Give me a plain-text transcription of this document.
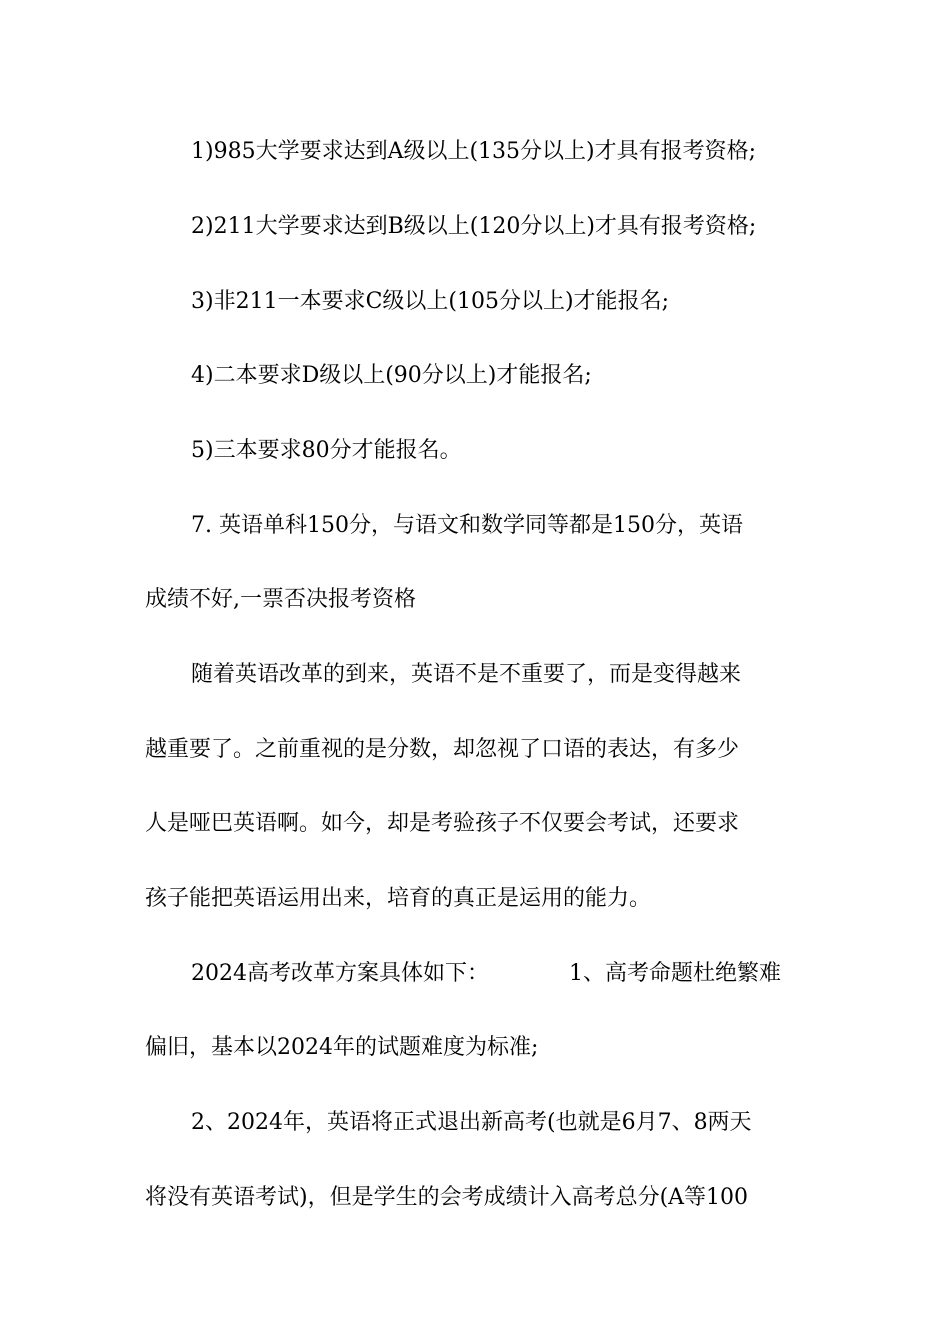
1)985大学要求达到A级以上(135分以上)才具有报考资格;
2)211大学要求达到B级以上(120分以上)才具有报考资格;
3)非211一本要求C级以上(105分以上)才能报名;
4)二本要求D级以上(90分以上)才能报名;
5)三本要求80分才能报名。
7. 英语单科150分，与语文和数学同等都是150分，英语
成绩不好,一票否决报考资格
随着英语改革的到来，英语不是不重要了，而是变得越来
越重要了。之前重视的是分数，却忽视了口语的表达，有多少
人是哑巴英语啊。如今，却是考验孩子不仅要会考试，还要求
孩子能把英语运用出来，培育的真正是运用的能力。
2024高考改革方案具体如下：	1、高考命题杜绝繁难
偏旧，基本以2024年的试题难度为标准;
2、2024年，英语将正式退出新高考(也就是6月7、8两天
将没有英语考试)，但是学生的会考成绩计入高考总分(A等100
